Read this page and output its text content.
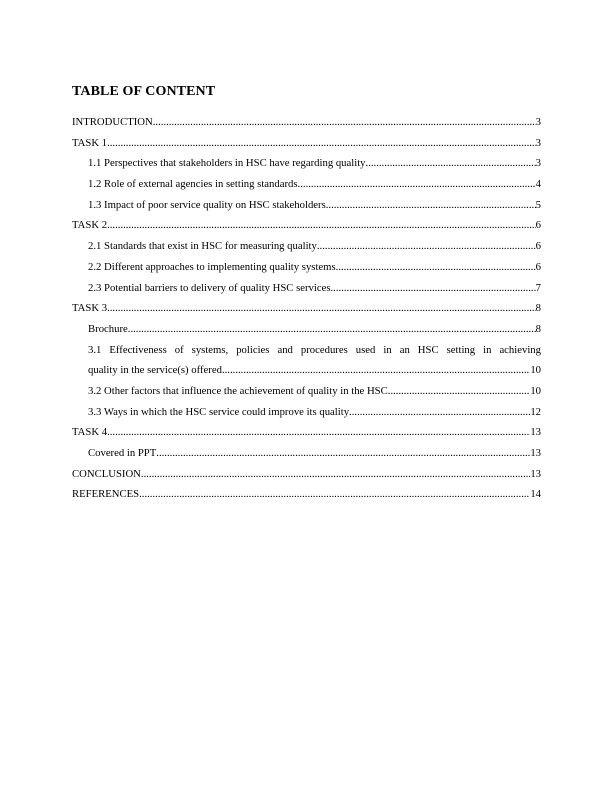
TABLE OF CONTENT
INTRODUCTION .....	3
TASK 1 .....	3
1.1 Perspectives that stakeholders in HSC have regarding quality .....	3
1.2 Role of external agencies in setting standards .....	4
1.3 Impact of poor service quality on HSC stakeholders .....	5
TASK 2 .....	6
2.1 Standards that exist in HSC for measuring quality .....	6
2.2 Different approaches to implementing quality systems .....	6
2.3 Potential barriers to delivery of quality HSC services .....	7
TASK 3 .....	8
Brochure .....	8
3.1 Effectiveness of systems, policies and procedures used in an HSC setting in achieving
quality in the service(s) offered .....	10
3.2 Other factors that influence the achievement of quality in the HSC .....	10
3.3 Ways in which the HSC service could improve its quality .....	12
TASK 4 .....	13
Covered in PPT .....	13
CONCLUSION .....	13
REFERENCES .....	14
